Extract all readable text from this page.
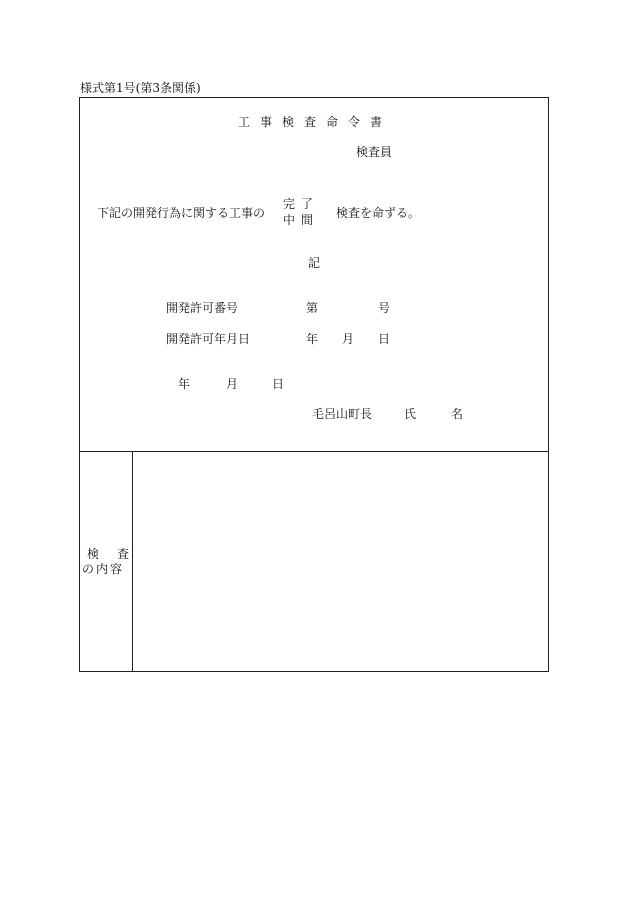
様式第1号(第3条関係)
工事検査命令書
検査員
下記の開発行為に関する工事の
完了
中間 検査を命ずる。
記
開発許可番号	第	号
開発許可年月日	年 月 日
年	月	日
毛呂山町長	氏	名
検査
の内容
